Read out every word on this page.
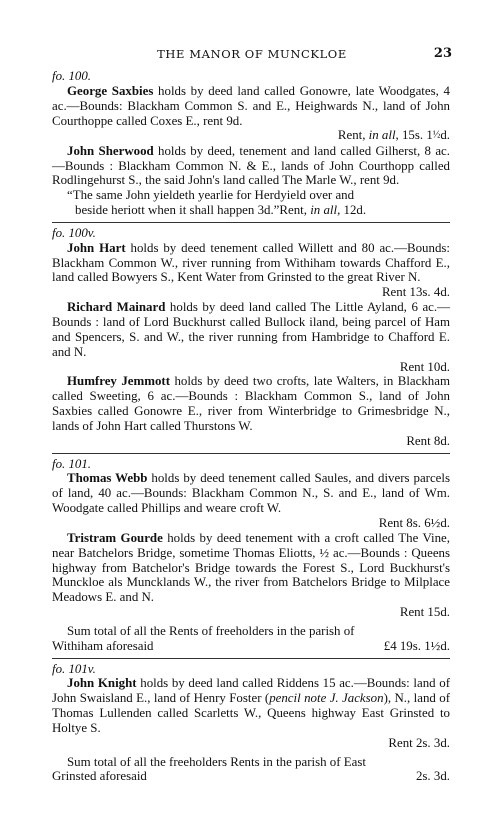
THE MANOR OF MUNCKLOE	23
fo. 100.

George Saxbies holds by deed land called Gonowre, late Woodgates, 4 ac.—Bounds: Blackham Common S. and E., Heighwards N., land of John Courthoppe called Coxes E., rent 9d.

Rent, in all, 15s. 1½d.

John Sherwood holds by deed, tenement and land called Gilherst, 8 ac.—Bounds : Blackham Common N. & E., lands of John Courthopp called Rodlingehurst S., the said John's land called The Marle W., rent 9d.

“The same John yieldeth yearlie for Herdyield over and
beside heriott when it shall happen 3d.”Rent, in all, 12d.
fo. 100v.

John Hart holds by deed tenement called Willett and 80 ac.—Bounds: Blackham Common W., river running from Withiham towards Chafford E., land called Bowyers S., Kent Water from Grinsted to the great River N.

Rent 13s. 4d.

Richard Mainard holds by deed land called The Little Ayland, 6 ac.—Bounds : land of Lord Buckhurst called Bullock iland, being parcel of Ham and Spencers, S. and W., the river running from Hambridge to Chafford E. and N.

Rent 10d.

Humfrey Jemmott holds by deed two crofts, late Walters, in Blackham called Sweeting, 6 ac.—Bounds : Blackham Common S., land of John Saxbies called Gonowre E., river from Winterbridge to Grimesbridge N., lands of John Hart called Thurstons W.

Rent 8d.
fo. 101.

Thomas Webb holds by deed tenement called Saules, and divers parcels of land, 40 ac.—Bounds: Blackham Common N., S. and E., land of Wm. Woodgate called Phillips and weare croft W.

Rent 8s. 6½d.

Tristram Gourde holds by deed tenement with a croft called The Vine, near Batchelors Bridge, sometime Thomas Eliotts, ½ ac.—Bounds : Queens highway from Batchelor's Bridge towards the Forest S., Lord Buckhurst's Munckloe als Muncklands W., the river from Batchelors Bridge to Milplace Meadows E. and N.

Rent 15d.

Sum total of all the Rents of freeholders in the parish of

Withiham aforesaid	£4 19s. 1½d.
fo. 101v.

John Knight holds by deed land called Riddens 15 ac.—Bounds: land of John Swaisland E., land of Henry Foster (pencil note J. Jackson), N., land of Thomas Lullenden called Scarletts W., Queens highway East Grinsted to Holtye S.

Rent 2s. 3d.

Sum total of all the freeholders Rents in the parish of East

Grinsted aforesaid	2s. 3d.
